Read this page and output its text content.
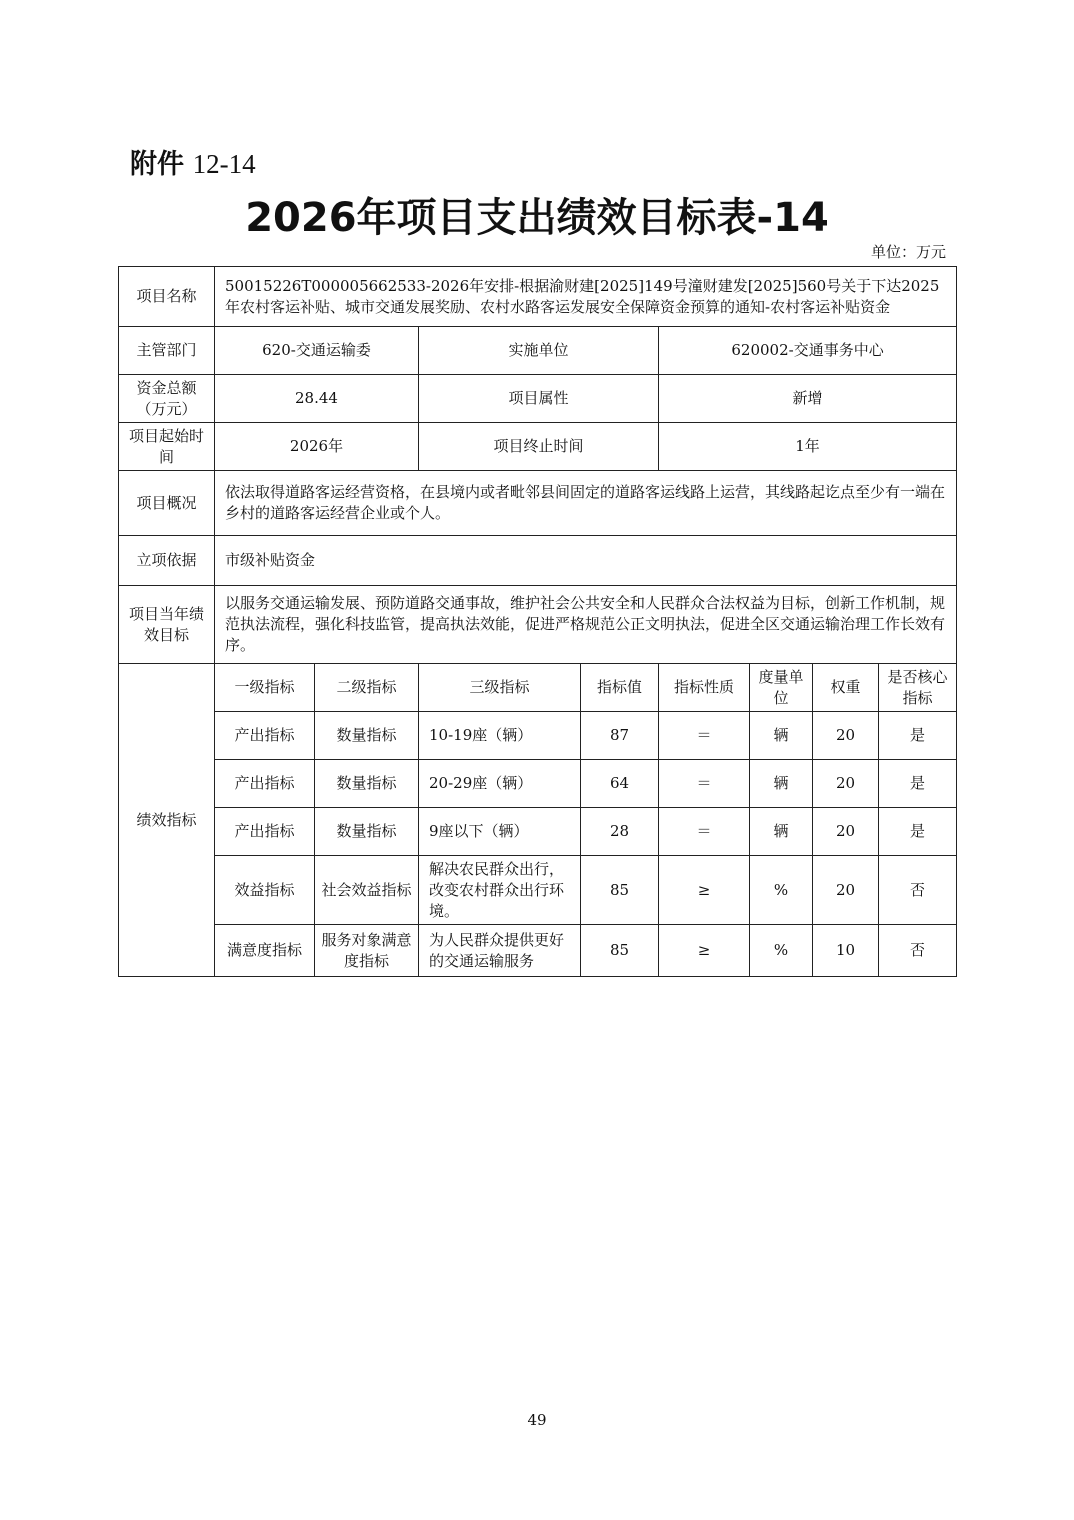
附件 12-14
2026年项目支出绩效目标表-14
单位：万元
项目名称	50015226T000005662533-2026年安排-根据渝财建[2025]149号潼财建发[2025]560号关于下达2025年农村客运补贴、城市交通发展奖励、农村水路客运发展安全保障资金预算的通知-农村客运补贴资金							
主管部门	620-交通运输委		实施单位		620002-交通事务中心			
资金总额（万元）	28.44		项目属性		新增			
项目起始时间	2026年		项目终止时间		1年			
项目概况	依法取得道路客运经营资格，在县境内或者毗邻县间固定的道路客运线路上运营，其线路起讫点至少有一端在乡村的道路客运经营企业或个人。							
立项依据	市级补贴资金							
项目当年绩效目标	以服务交通运输发展、预防道路交通事故，维护社会公共安全和人民群众合法权益为目标，创新工作机制，规范执法流程，强化科技监管，提高执法效能，促进严格规范公正文明执法，促进全区交通运输治理工作长效有序。							
绩效指标	一级指标	二级指标	三级指标	指标值	指标性质	度量单位	权重	是否核心指标
	产出指标	数量指标	10-19座（辆）	87	＝	辆	20	是
	产出指标	数量指标	20-29座（辆）	64	＝	辆	20	是
	产出指标	数量指标	9座以下（辆）	28	＝	辆	20	是
	效益指标	社会效益指标	解决农民群众出行，改变农村群众出行环境。	85	≥	%	20	否
	满意度指标	服务对象满意度指标	为人民群众提供更好的交通运输服务	85	≥	%	10	否
49
